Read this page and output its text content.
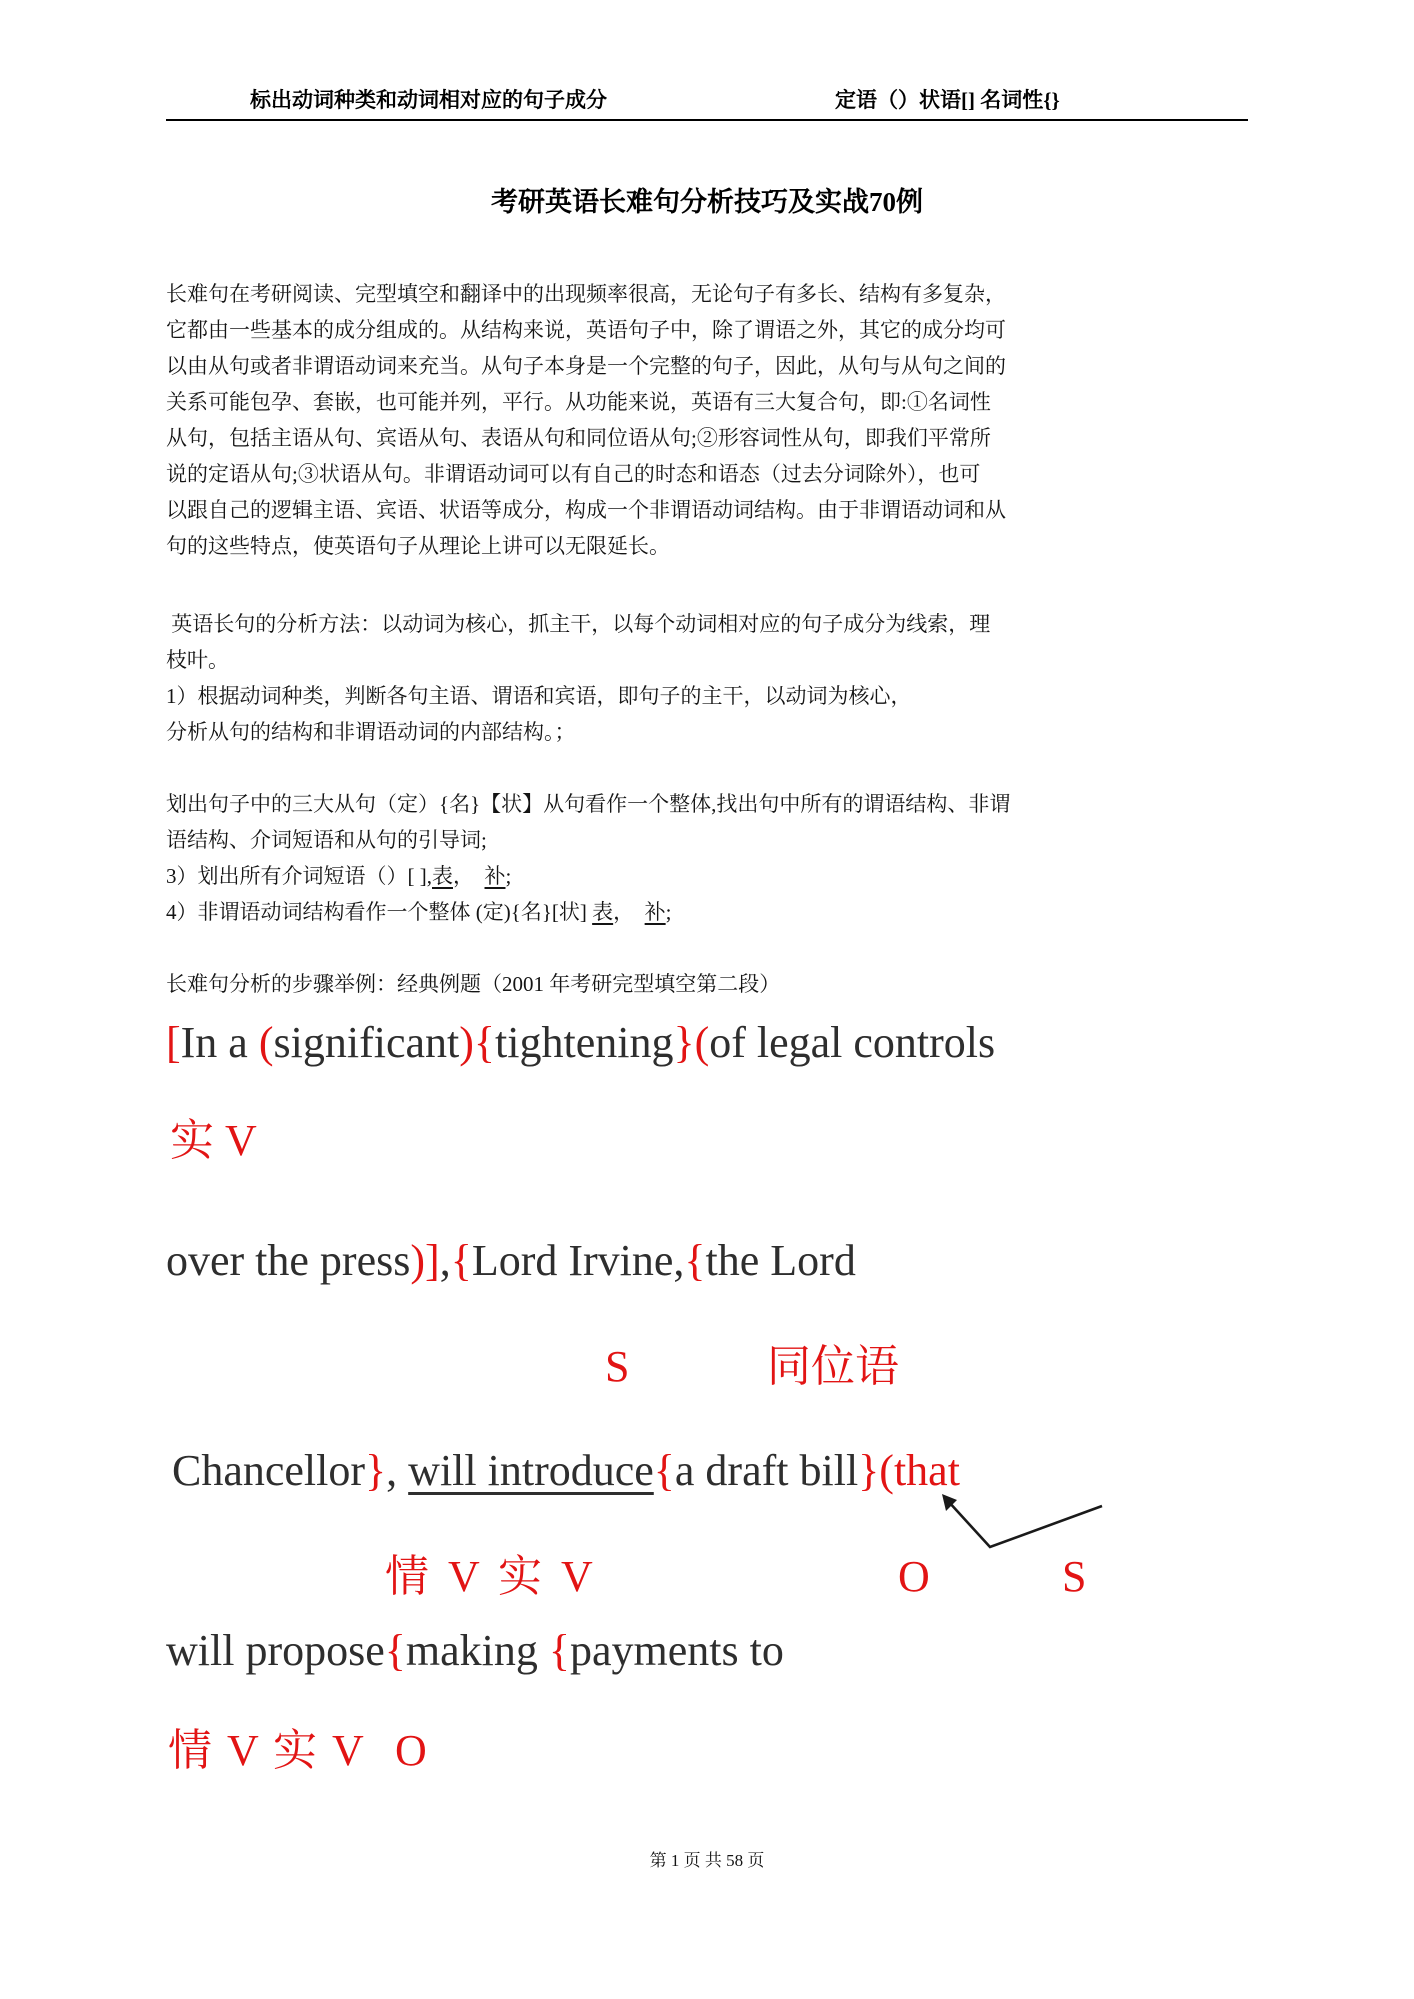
标出动词种类和动词相对应的句子成分	定语（）状语[] 名词性{}
考研英语长难句分析技巧及实战70例
长难句在考研阅读、完型填空和翻译中的出现频率很高，无论句子有多长、结构有多复杂，
它都由一些基本的成分组成的。从结构来说，英语句子中，除了谓语之外，其它的成分均可
以由从句或者非谓语动词来充当。从句子本身是一个完整的句子，因此，从句与从句之间的
关系可能包孕、套嵌，也可能并列，平行。从功能来说，英语有三大复合句，即:①名词性
从句，包括主语从句、宾语从句、表语从句和同位语从句;②形容词性从句，即我们平常所
说的定语从句;③状语从句。非谓语动词可以有自己的时态和语态（过去分词除外），也可
以跟自己的逻辑主语、宾语、状语等成分，构成一个非谓语动词结构。由于非谓语动词和从
句的这些特点，使英语句子从理论上讲可以无限延长。
英语长句的分析方法：以动词为核心，抓主干，以每个动词相对应的句子成分为线索，理
枝叶。
1）根据动词种类，判断各句主语、谓语和宾语，即句子的主干，以动词为核心，
分析从句的结构和非谓语动词的内部结构。；
划出句子中的三大从句（定）{名}【状】从句看作一个整体,找出句中所有的谓语结构、非谓
语结构、介词短语和从句的引导词;
3）划出所有介词短语（）[ ],表，  补;
4）非谓语动词结构看作一个整体 (定){名}[状] 表，  补;
长难句分析的步骤举例：经典例题（2001 年考研完型填空第二段）
[In a (significant){tightening}(of legal controls
实 V
over the press)],{Lord Irvine,{the Lord
S	同位语
Chancellor}, will introduce{a draft bill}(that
情 V 实 V	O	S
will propose{making {payments to
情 V 实 V O
第 1 页 共 58 页
